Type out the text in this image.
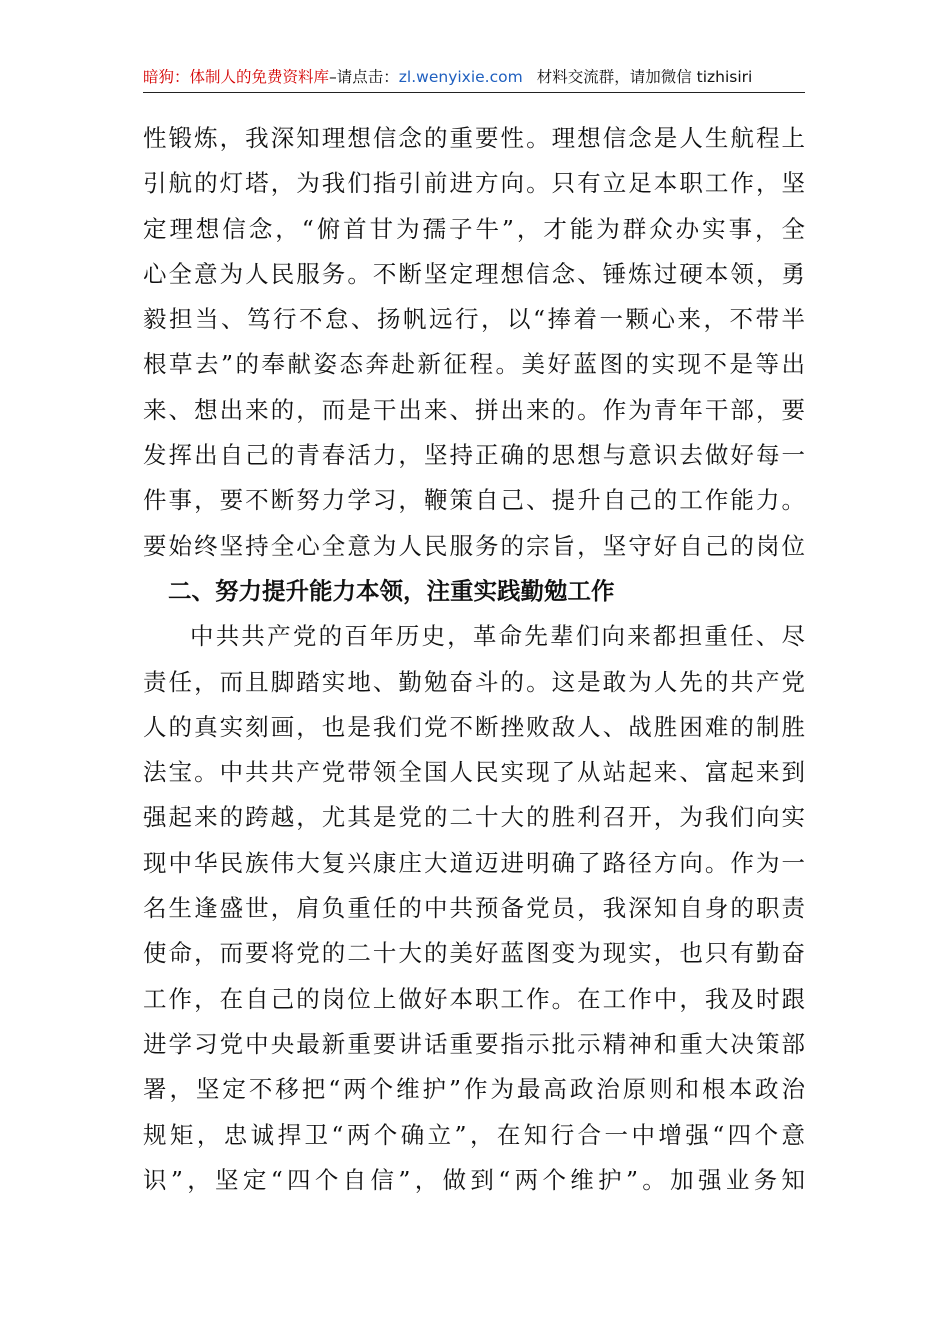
暗狗：体制人的免费资料库–请点击：zl.wenyixie.com 材料交流群，请加微信 tizhisiri
性锻炼，我深知理想信念的重要性。理想信念是人生航程上
引航的灯塔，为我们指引前进方向。只有立足本职工作，坚
定理想信念，“俯首甘为孺子牛”，才能为群众办实事，全
心全意为人民服务。不断坚定理想信念、锤炼过硬本领，勇
毅担当、笃行不怠、扬帆远行，以“捧着一颗心来，不带半
根草去”的奉献姿态奔赴新征程。美好蓝图的实现不是等出
来、想出来的，而是干出来、拼出来的。作为青年干部，要
发挥出自己的青春活力，坚持正确的思想与意识去做好每一
件事，要不断努力学习，鞭策自己、提升自己的工作能力。
要始终坚持全心全意为人民服务的宗旨，坚守好自己的岗位
二、努力提升能力本领，注重实践勤勉工作
中共共产党的百年历史，革命先辈们向来都担重任、尽
责任，而且脚踏实地、勤勉奋斗的。这是敢为人先的共产党
人的真实刻画，也是我们党不断挫败敌人、战胜困难的制胜
法宝。中共共产党带领全国人民实现了从站起来、富起来到
强起来的跨越，尤其是党的二十大的胜利召开，为我们向实
现中华民族伟大复兴康庄大道迈进明确了路径方向。作为一
名生逢盛世，肩负重任的中共预备党员，我深知自身的职责
使命，而要将党的二十大的美好蓝图变为现实，也只有勤奋
工作，在自己的岗位上做好本职工作。在工作中，我及时跟
进学习党中央最新重要讲话重要指示批示精神和重大决策部
署，坚定不移把“两个维护”作为最高政治原则和根本政治
规矩，忠诚捍卫“两个确立”，在知行合一中增强“四个意
识”，坚定“四个自信”，做到“两个维护”。加强业务知
